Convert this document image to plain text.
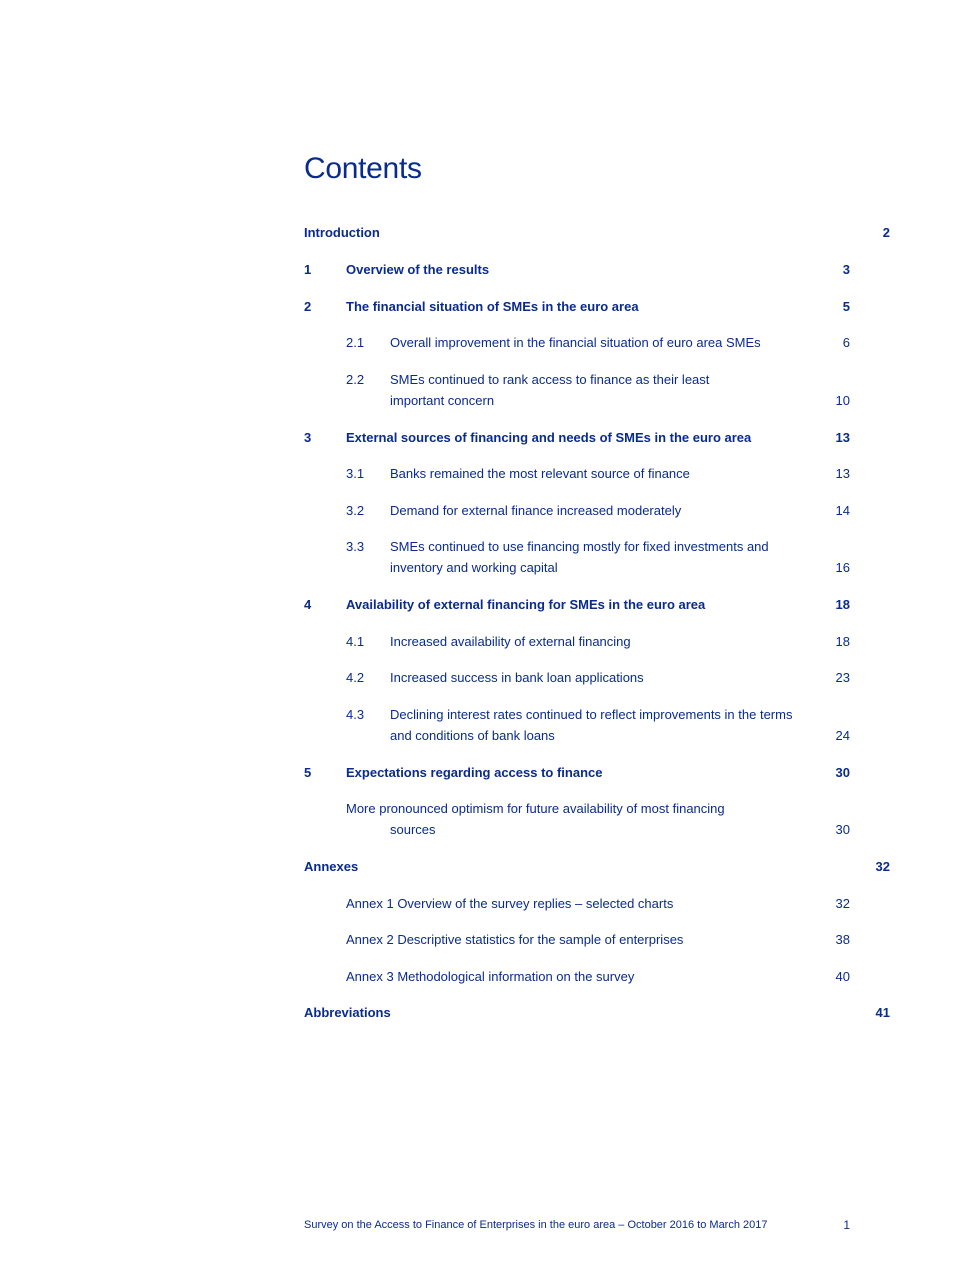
Contents
Introduction	2
1	Overview of the results	3
2	The financial situation of SMEs in the euro area	5
2.1 Overall improvement in the financial situation of euro area SMEs	6
2.2 SMEs continued to rank access to finance as their least important concern	10
3	External sources of financing and needs of SMEs in the euro area	13
3.1 Banks remained the most relevant source of finance	13
3.2 Demand for external finance increased moderately	14
3.3 SMEs continued to use financing mostly for fixed investments and inventory and working capital	16
4	Availability of external financing for SMEs in the euro area	18
4.1 Increased availability of external financing	18
4.2 Increased success in bank loan applications	23
4.3 Declining interest rates continued to reflect improvements in the terms and conditions of bank loans	24
5	Expectations regarding access to finance	30
More pronounced optimism for future availability of most financing
sources	30
Annexes	32
Annex 1 Overview of the survey replies – selected charts	32
Annex 2 Descriptive statistics for the sample of enterprises	38
Annex 3 Methodological information on the survey	40
Abbreviations	41
Survey on the Access to Finance of Enterprises in the euro area – October 2016 to March 2017	1
